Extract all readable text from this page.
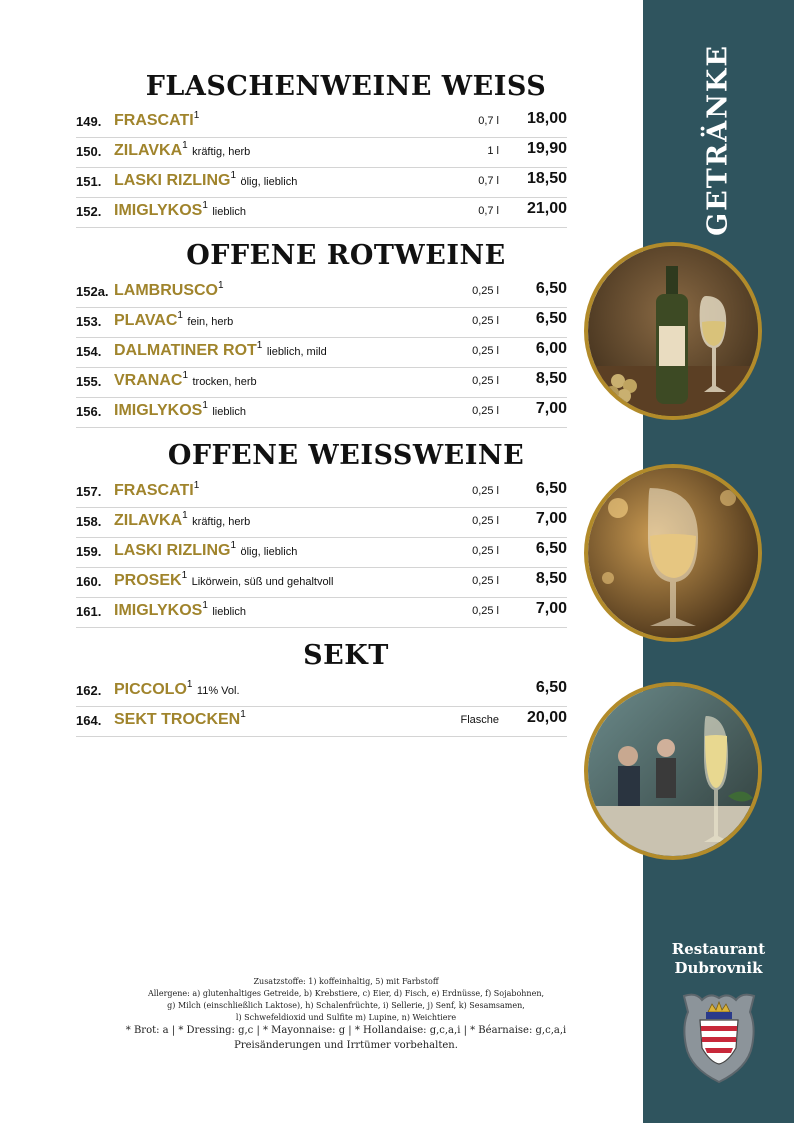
GETRÄNKE
Restaurant
Dubrovnik
FLASCHENWEINE WEISS
149. FRASCATI$^1$	0,7 l 18,00
150. ZILAVKA$^1$ kräftig, herb	1 l 19,90
151. LASKI RIZLING$^1$ ölig, lieblich	0,7 l 18,50
152. IMIGLYKOS$^1$ lieblich	0,7 l 21,00
OFFENE ROTWEINE
152a. LAMBRUSCO$^1$	0,25 l 6,50
153. PLAVAC$^1$ fein, herb	0,25 l 6,50
154. DALMATINER ROT$^1$ lieblich, mild	0,25 l 6,00
155. VRANAC$^1$ trocken, herb	0,25 l 8,50
156. IMIGLYKOS$^1$ lieblich	0,25 l 7,00
OFFENE WEISSWEINE
157. FRASCATI$^1$	0,25 l 6,50
158. ZILAVKA$^1$ kräftig, herb	0,25 l 7,00
159. LASKI RIZLING$^1$ ölig, lieblich	0,25 l 6,50
160. PROSEK$^1$ Likörwein, süß und gehaltvoll	0,25 l 8,50
161. IMIGLYKOS$^1$ lieblich	0,25 l 7,00
SEKT
162. PICCOLO$^1$ 11% Vol.	6,50
164. SEKT TROCKEN$^1$	Flasche 20,00
Zusatzstoffe: 1) koffeinhaltig, 5) mit Farbstoff
Allergene: a) glutenhaltiges Getreide, b) Krebstiere, c) Eier, d) Fisch, e) Erdnüsse, f) Sojabohnen,
g) Milch (einschließlich Laktose), h) Schalenfrüchte, i) Sellerie, j) Senf, k) Sesamsamen,
l) Schwefeldioxid und Sulfite m) Lupine, n) Weichtiere
* Brot: a | * Dressing: g,c | * Mayonnaise: g | * Hollandaise: g,c,a,i | * Béarnaise: g,c,a,i
Preisänderungen und Irrtümer vorbehalten.
